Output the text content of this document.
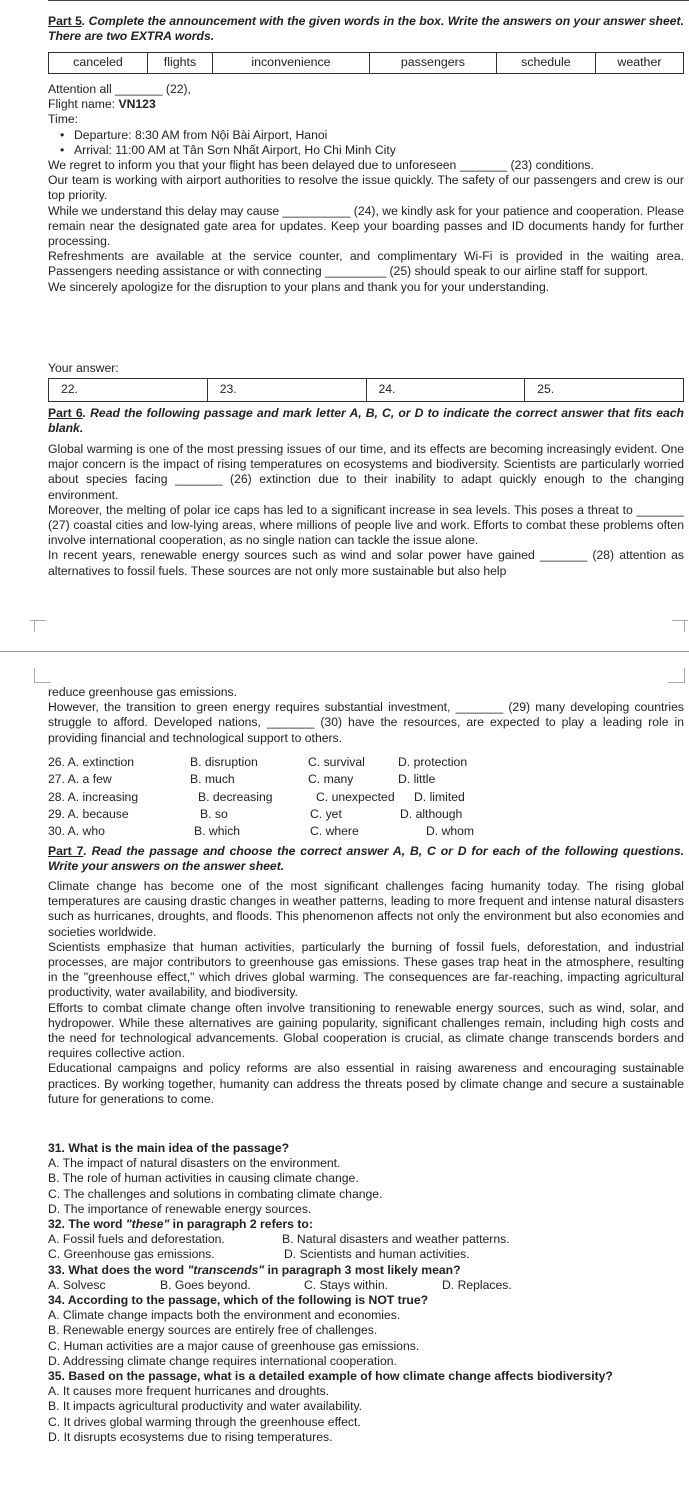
Part 5. Complete the announcement with the given words in the box. Write the answers on your answer sheet. There are two EXTRA words.
canceled	flights	inconvenience	passengers	schedule	weather
Attention all _______ (22),
Flight name: VN123
Time:
• Departure: 8:30 AM from Nội Bài Airport, Hanoi
• Arrival: 11:00 AM at Tân Sơn Nhất Airport, Ho Chi Minh City
We regret to inform you that your flight has been delayed due to unforeseen _______ (23) conditions.
Our team is working with airport authorities to resolve the issue quickly. The safety of our passengers and crew is our top priority.
While we understand this delay may cause __________ (24), we kindly ask for your patience and cooperation. Please remain near the designated gate area for updates. Keep your boarding passes and ID documents handy for further processing.
Refreshments are available at the service counter, and complimentary Wi-Fi is provided in the waiting area. Passengers needing assistance or with connecting _________ (25) should speak to our airline staff for support.
We sincerely apologize for the disruption to your plans and thank you for your understanding.
Your answer:
22.	23.	24.	25.
Part 6. Read the following passage and mark letter A, B, C, or D to indicate the correct answer that fits each blank.
Global warming is one of the most pressing issues of our time, and its effects are becoming increasingly evident. One major concern is the impact of rising temperatures on ecosystems and biodiversity. Scientists are particularly worried about species facing _______ (26) extinction due to their inability to adapt quickly enough to the changing environment.
Moreover, the melting of polar ice caps has led to a significant increase in sea levels. This poses a threat to _______ (27) coastal cities and low-lying areas, where millions of people live and work. Efforts to combat these problems often involve international cooperation, as no single nation can tackle the issue alone.
In recent years, renewable energy sources such as wind and solar power have gained _______ (28) attention as alternatives to fossil fuels. These sources are not only more sustainable but also help
reduce greenhouse gas emissions.
However, the transition to green energy requires substantial investment, _______ (29) many developing countries struggle to afford. Developed nations, _______ (30) have the resources, are expected to play a leading role in providing financial and technological support to others.
26. A. extinction	B. disruption	C. survival	D. protection
27. A. a few	B. much	C. many	D. little
28. A. increasing	B. decreasing	C. unexpected D. limited
29. A. because	B. so	C. yet	D. although
30. A. who	B. which	C. where	D. whom
Part 7. Read the passage and choose the correct answer A, B, C or D for each of the following questions. Write your answers on the answer sheet.
Climate change has become one of the most significant challenges facing humanity today. The rising global temperatures are causing drastic changes in weather patterns, leading to more frequent and intense natural disasters such as hurricanes, droughts, and floods. This phenomenon affects not only the environment but also economies and societies worldwide.
Scientists emphasize that human activities, particularly the burning of fossil fuels, deforestation, and industrial processes, are major contributors to greenhouse gas emissions. These gases trap heat in the atmosphere, resulting in the "greenhouse effect," which drives global warming. The consequences are far-reaching, impacting agricultural productivity, water availability, and biodiversity.
Efforts to combat climate change often involve transitioning to renewable energy sources, such as wind, solar, and hydropower. While these alternatives are gaining popularity, significant challenges remain, including high costs and the need for technological advancements. Global cooperation is crucial, as climate change transcends borders and requires collective action.
Educational campaigns and policy reforms are also essential in raising awareness and encouraging sustainable practices. By working together, humanity can address the threats posed by climate change and secure a sustainable future for generations to come.
31. What is the main idea of the passage?
A. The impact of natural disasters on the environment.
B. The role of human activities in causing climate change.
C. The challenges and solutions in combating climate change.
D. The importance of renewable energy sources.
32. The word "these" in paragraph 2 refers to:
A. Fossil fuels and deforestation.	B. Natural disasters and weather patterns.
C. Greenhouse gas emissions.	D. Scientists and human activities.
33. What does the word "transcends" in paragraph 3 most likely mean?
A. Solvesc	B. Goes beyond.	C. Stays within.	D. Replaces.
34. According to the passage, which of the following is NOT true?
A. Climate change impacts both the environment and economies.
B. Renewable energy sources are entirely free of challenges.
C. Human activities are a major cause of greenhouse gas emissions.
D. Addressing climate change requires international cooperation.
35. Based on the passage, what is a detailed example of how climate change affects biodiversity?
A. It causes more frequent hurricanes and droughts.
B. It impacts agricultural productivity and water availability.
C. It drives global warming through the greenhouse effect.
D. It disrupts ecosystems due to rising temperatures.
